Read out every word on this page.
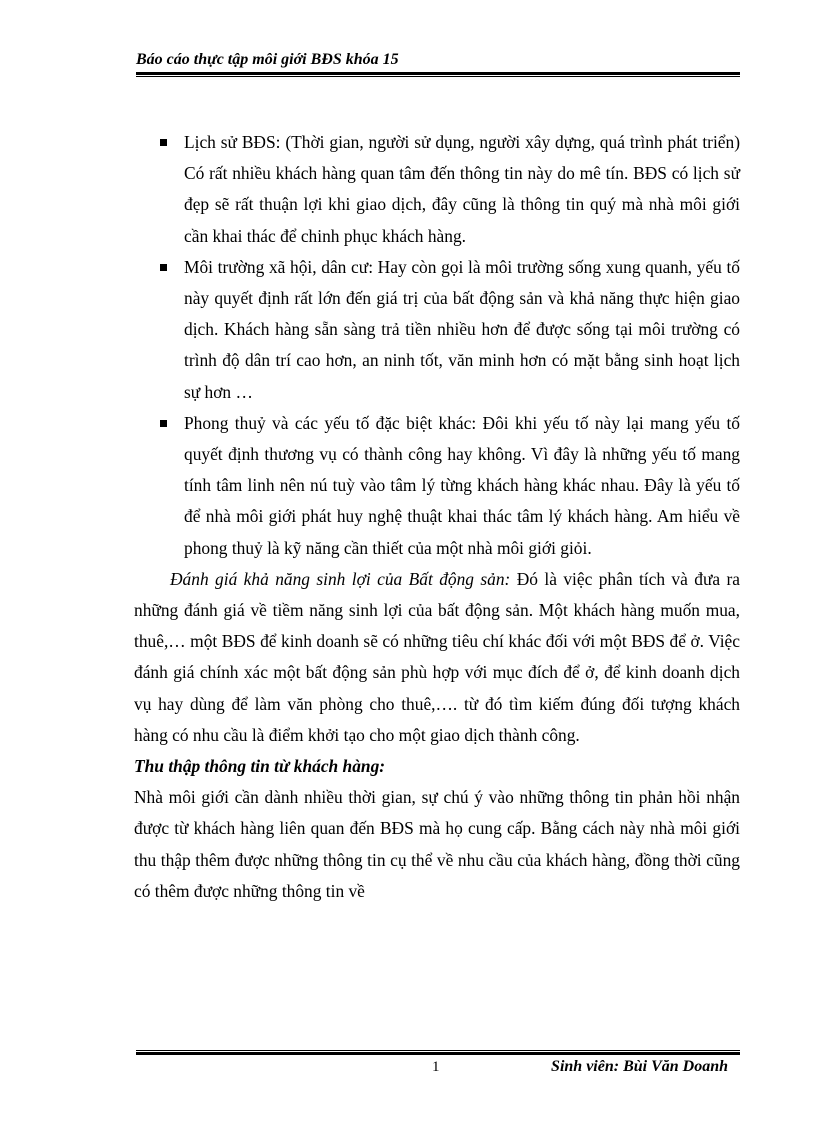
Báo cáo thực tập môi giới BĐS khóa 15
Lịch sử BĐS: (Thời gian, người sử dụng, người xây dựng, quá trình phát triển) Có rất nhiều khách hàng quan tâm đến thông tin này do mê tín. BĐS có lịch sử đẹp sẽ rất thuận lợi khi giao dịch, đây cũng là thông tin quý mà nhà môi giới cần khai thác để chinh phục khách hàng.
Môi trường xã hội, dân cư: Hay còn gọi là môi trường sống xung quanh, yếu tố này quyết định rất lớn đến giá trị của bất động sản và khả năng thực hiện giao dịch. Khách hàng sẵn sàng trả tiền nhiều hơn để được sống tại môi trường có trình độ dân trí cao hơn, an ninh tốt, văn minh hơn có mặt bằng sinh hoạt lịch sự hơn …
Phong thuỷ và các yếu tố đặc biệt khác: Đôi khi yếu tố này lại mang yếu tố quyết định thương vụ có thành công hay không. Vì đây là những yếu tố mang tính tâm linh nên nú tuỳ vào tâm lý từng khách hàng khác nhau. Đây là yếu tố để nhà môi giới phát huy nghệ thuật khai thác tâm lý khách hàng. Am hiểu về phong thuỷ là kỹ năng cần thiết của một nhà môi giới giỏi.

Đánh giá khả năng sinh lợi của Bất động sản: Đó là việc phân tích và đưa ra những đánh giá về tiềm năng sinh lợi của bất động sản. Một khách hàng muốn mua, thuê,… một BĐS để kinh doanh sẽ có những tiêu chí khác đối với một BĐS để ở. Việc đánh giá chính xác một bất động sản phù hợp với mục đích để ở, để kinh doanh dịch vụ hay dùng để làm văn phòng cho thuê,…. từ đó tìm kiếm đúng đối tượng khách hàng có nhu cầu là điểm khởi tạo cho một giao dịch thành công.

Thu thập thông tin từ khách hàng:

Nhà môi giới cần dành nhiều thời gian, sự chú ý vào những thông tin phản hồi nhận được từ khách hàng liên quan đến BĐS mà họ cung cấp. Bằng cách này nhà môi giới thu thập thêm được những thông tin cụ thể về nhu cầu của khách hàng, đồng thời cũng có thêm được những thông tin về

1	Sinh viên: Bùi Văn Doanh
